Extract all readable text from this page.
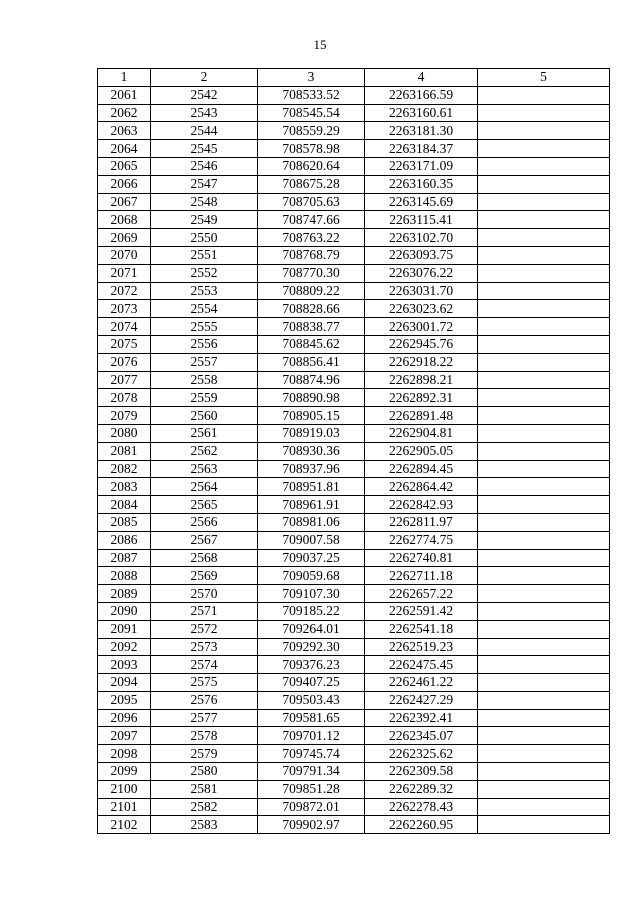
15
1	2	3	4	5
2061	2542	708533.52	2263166.59	
2062	2543	708545.54	2263160.61	
2063	2544	708559.29	2263181.30	
2064	2545	708578.98	2263184.37	
2065	2546	708620.64	2263171.09	
2066	2547	708675.28	2263160.35	
2067	2548	708705.63	2263145.69	
2068	2549	708747.66	2263115.41	
2069	2550	708763.22	2263102.70	
2070	2551	708768.79	2263093.75	
2071	2552	708770.30	2263076.22	
2072	2553	708809.22	2263031.70	
2073	2554	708828.66	2263023.62	
2074	2555	708838.77	2263001.72	
2075	2556	708845.62	2262945.76	
2076	2557	708856.41	2262918.22	
2077	2558	708874.96	2262898.21	
2078	2559	708890.98	2262892.31	
2079	2560	708905.15	2262891.48	
2080	2561	708919.03	2262904.81	
2081	2562	708930.36	2262905.05	
2082	2563	708937.96	2262894.45	
2083	2564	708951.81	2262864.42	
2084	2565	708961.91	2262842.93	
2085	2566	708981.06	2262811.97	
2086	2567	709007.58	2262774.75	
2087	2568	709037.25	2262740.81	
2088	2569	709059.68	2262711.18	
2089	2570	709107.30	2262657.22	
2090	2571	709185.22	2262591.42	
2091	2572	709264.01	2262541.18	
2092	2573	709292.30	2262519.23	
2093	2574	709376.23	2262475.45	
2094	2575	709407.25	2262461.22	
2095	2576	709503.43	2262427.29	
2096	2577	709581.65	2262392.41	
2097	2578	709701.12	2262345.07	
2098	2579	709745.74	2262325.62	
2099	2580	709791.34	2262309.58	
2100	2581	709851.28	2262289.32	
2101	2582	709872.01	2262278.43	
2102	2583	709902.97	2262260.95	
